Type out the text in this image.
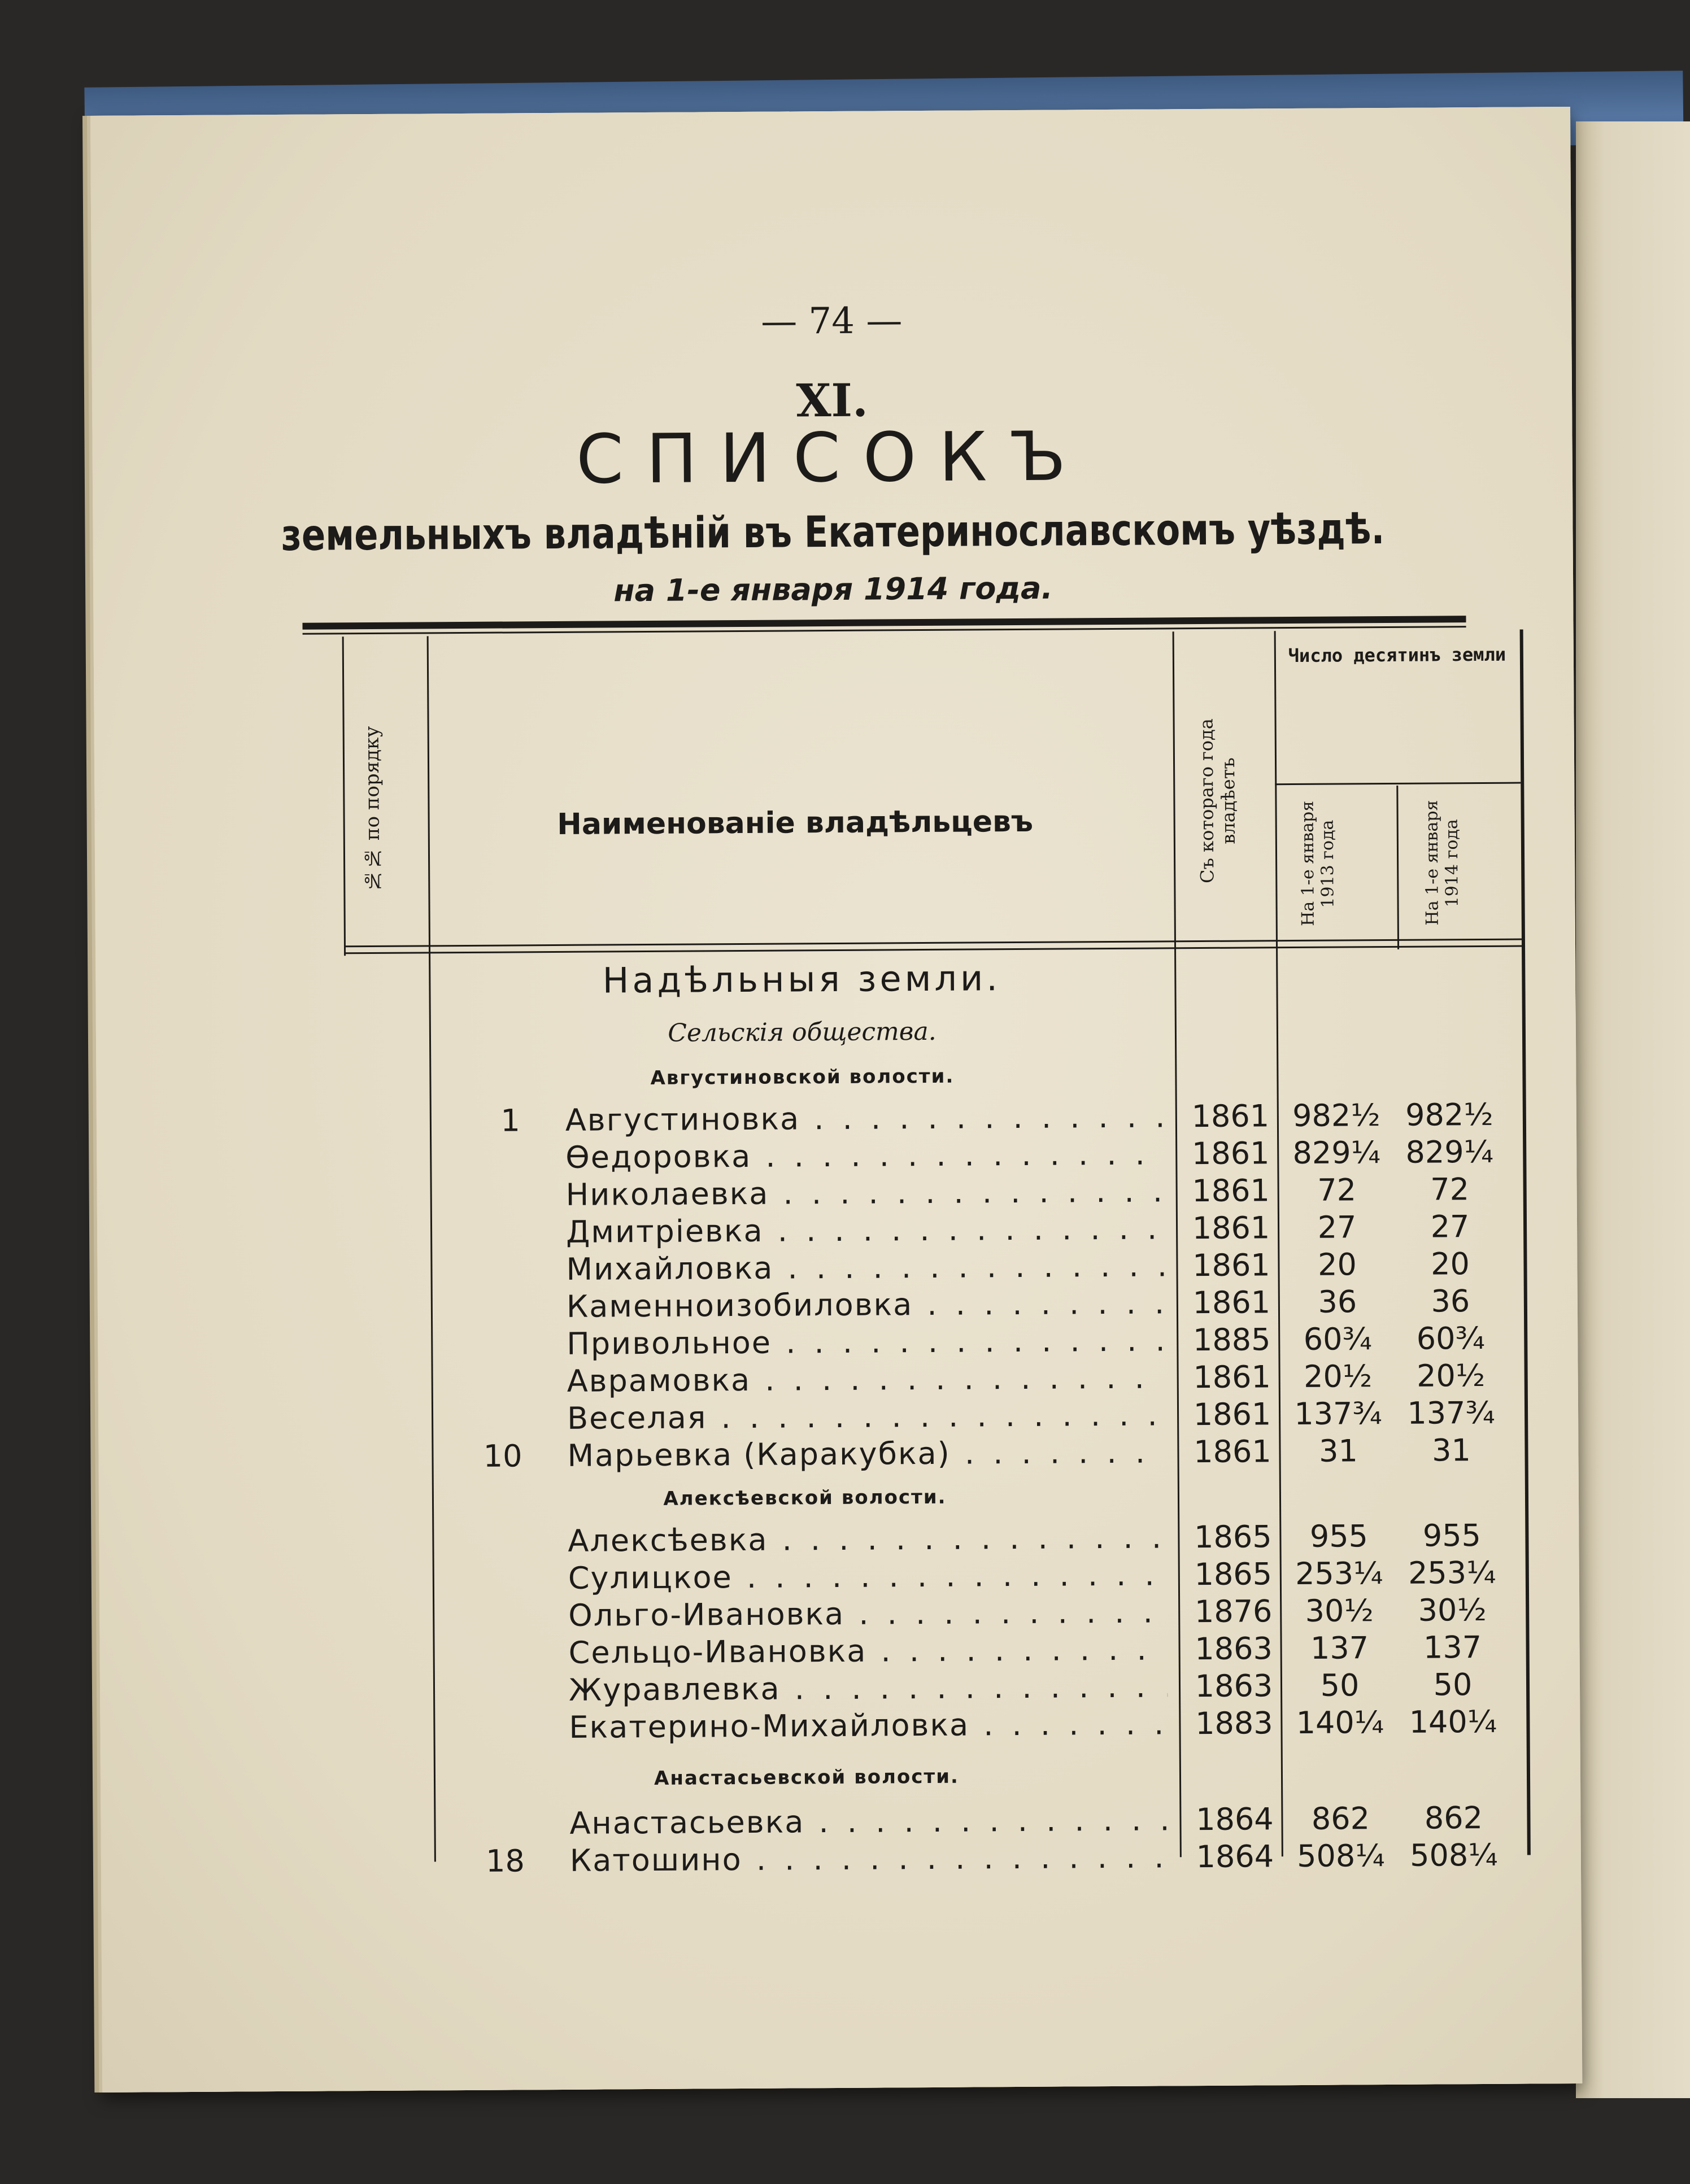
— 74 —
XI.
СПИСОКЪ
земельныхъ владѣній въ Екатеринославскомъ уѣздѣ.
на 1-е января 1914 года.
№№ по порядку	Наименованіе владѣльцевъ	Съ котораго года владѣетъ
Число десятинъ земли
На 1-е января 1913 года	На 1-е января 1914 года
Надѣльныя земли.
Сельскія общества.
Августиновской волости.
1 Августиновка . . .	1861 982½ 982½
Өедоровка . . .	1861 829¼ 829¼
Николаевка . . .	1861	72	72
Дмитріевка . . .	1861	27	27
Михайловка . . .	1861	20	20
Каменноизобиловка . . .	1861	36	36
Привольное . . .	1885	60¾	60¾
Аврамовка . . .	1861	20½	20½
Веселая . . .	1861 137¾ 137¾
10 Марьевка (Каракубка) . . .	1861	31	31
Алексѣевской волости.
Алексѣевка . . .	1865	955	955
Сулицкое . . .	1865 253¼ 253¼
Ольго-Ивановка . . .	1876	30½	30½
Сельцо-Ивановка . . .	1863	137	137
Журавлевка . . .	1863	50	50
Екатерино-Михайловка . . .	1883 140¼ 140¼
Анастасьевской волости.
Анастасьевка . . .	1864	862	862
18 Катошино . . .	1864 508¼ 508¼
